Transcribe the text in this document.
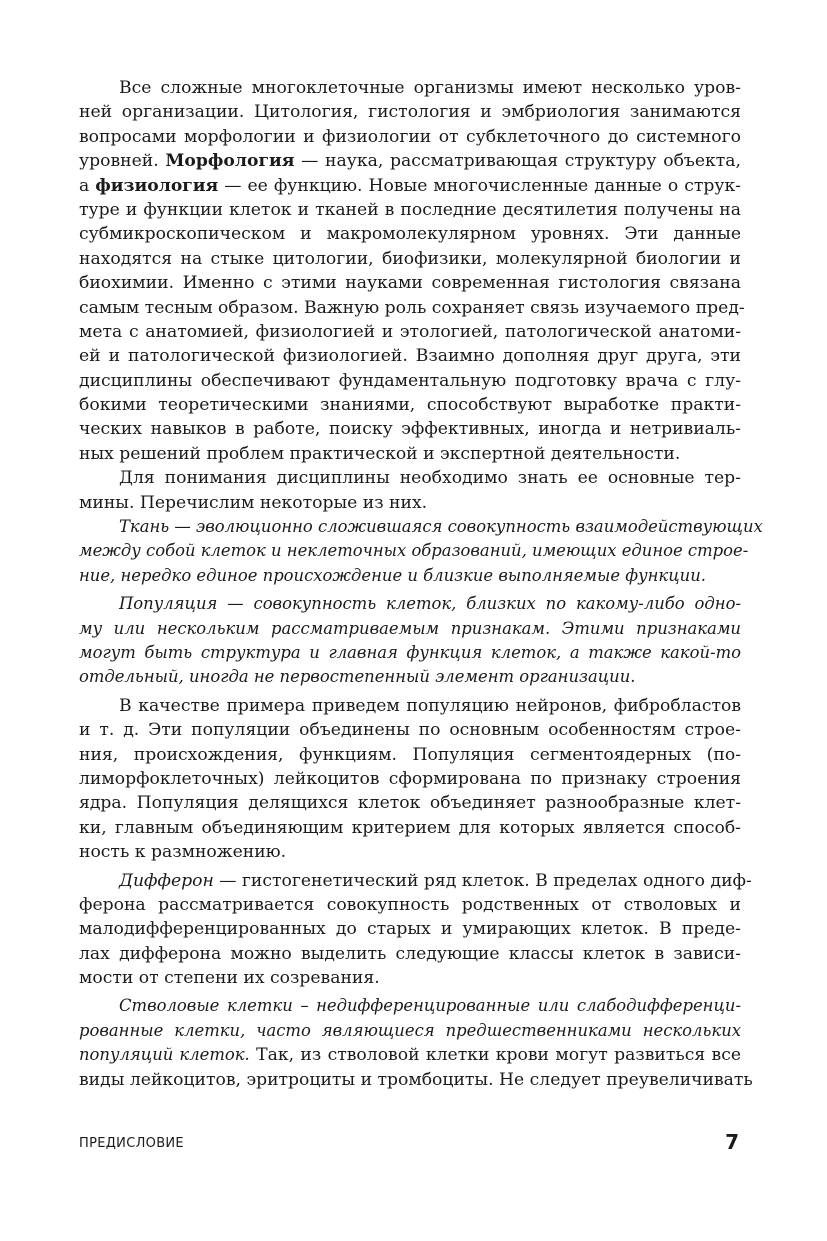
Все сложные многоклеточные организмы имеют несколько уров-
ней организации. Цитология, гистология и эмбриология занимаются
вопросами морфологии и физиологии от субклеточного до системного
уровней. Морфология — наука, рассматривающая структуру объекта,
а физиология — ее функцию. Новые многочисленные данные о струк-
туре и функции клеток и тканей в последние десятилетия получены на
субмикроскопическом и макромолекулярном уровнях. Эти данные
находятся на стыке цитологии, биофизики, молекулярной биологии и
биохимии. Именно с этими науками современная гистология связана
самым тесным образом. Важную роль сохраняет связь изучаемого пред-
мета с анатомией, физиологией и этологией, патологической анатоми-
ей и патологической физиологией. Взаимно дополняя друг друга, эти
дисциплины обеспечивают фундаментальную подготовку врача с глу-
бокими теоретическими знаниями, способствуют выработке практи-
ческих навыков в работе, поиску эффективных, иногда и нетривиаль-
ных решений проблем практической и экспертной деятельности.
Для понимания дисциплины необходимо знать ее основные тер-
мины. Перечислим некоторые из них.
Ткань — эволюционно сложившаяся совокупность взаимодействующих
между собой клеток и неклеточных образований, имеющих единое строе-
ние, нередко единое происхождение и близкие выполняемые функции.
Популяция — совокупность клеток, близких по какому-либо одно-
му или нескольким рассматриваемым признакам. Этими признаками
могут быть структура и главная функция клеток, а также какой-то
отдельный, иногда не первостепенный элемент организации.
В качестве примера приведем популяцию нейронов, фибробластов
и т. д. Эти популяции объединены по основным особенностям строе-
ния, происхождения, функциям. Популяция сегментоядерных (по-
лиморфоклеточных) лейкоцитов сформирована по признаку строения
ядра. Популяция делящихся клеток объединяет разнообразные клет-
ки, главным объединяющим критерием для которых является способ-
ность к размножению.
Дифферон — гистогенетический ряд клеток. В пределах одного диф-
ферона рассматривается совокупность родственных от стволовых и
малодифференцированных до старых и умирающих клеток. В преде-
лах дифферона можно выделить следующие классы клеток в зависи-
мости от степени их созревания.
Стволовые клетки – недифференцированные или слабодифференци-
рованные клетки, часто являющиеся предшественниками нескольких
популяций клеток. Так, из стволовой клетки крови могут развиться все
виды лейкоцитов, эритроциты и тромбоциты. Не следует преувеличивать
ПРЕДИСЛОВИЕ	7
